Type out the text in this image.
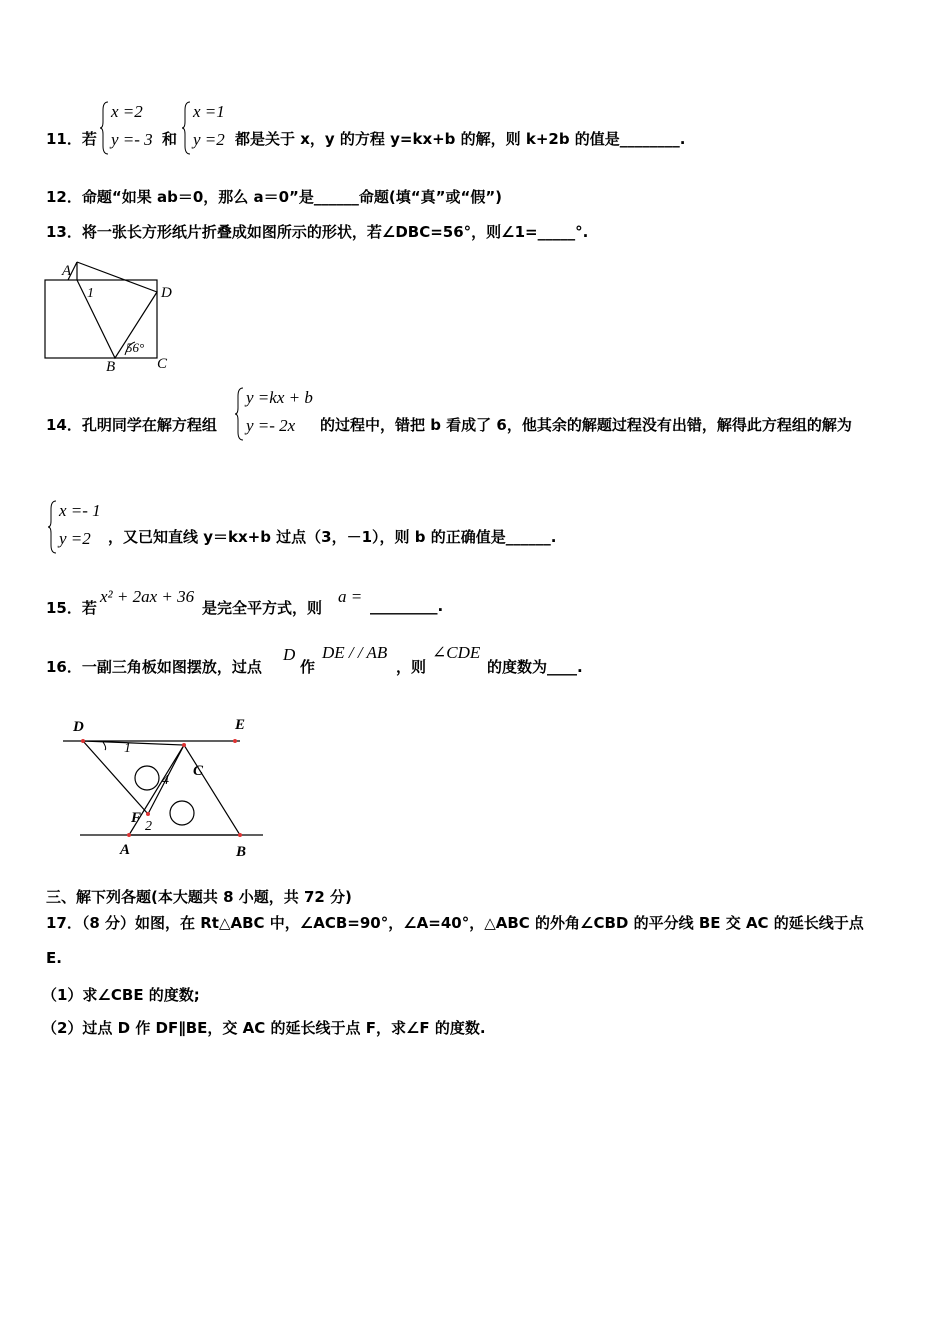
11．若
x =2
y =- 3 和
x =1
y =2 都是关于 x，y 的方程 y=kx+b 的解，则 k+2b 的值是________.
12．命题“如果 ab＝0，那么 a＝0”是______命题(填“真”或“假”)
13．将一张长方形纸片折叠成如图所示的形状，若∠DBC=56°，则∠1=_____°.
A
1	D
56°
B	C
14．孔明同学在解方程组
y =kx + b
y =- 2x 的过程中，错把 b 看成了 6，他其余的解题过程没有出错，解得此方程组的解为
x =- 1
y =2 ，又已知直线 y＝kx+b 过点（3，－1），则 b 的正确值是______.
15．若
x² + 2ax + 36
是完全平方式，则
a = _________.
16．一副三角板如图摆放，过点
D
作
DE / / AB
，则
∠CDE
的度数为____.
D	E
1
4
C
F
2
A	B
三、解下列各题(本大题共 8 小题，共 72 分)
17．（8 分）如图，在 Rt△ABC 中，∠ACB=90°，∠A=40°，△ABC 的外角∠CBD 的平分线 BE 交 AC 的延长线于点
E.
（1）求∠CBE 的度数;
（2）过点 D 作 DF∥BE，交 AC 的延长线于点 F，求∠F 的度数.
